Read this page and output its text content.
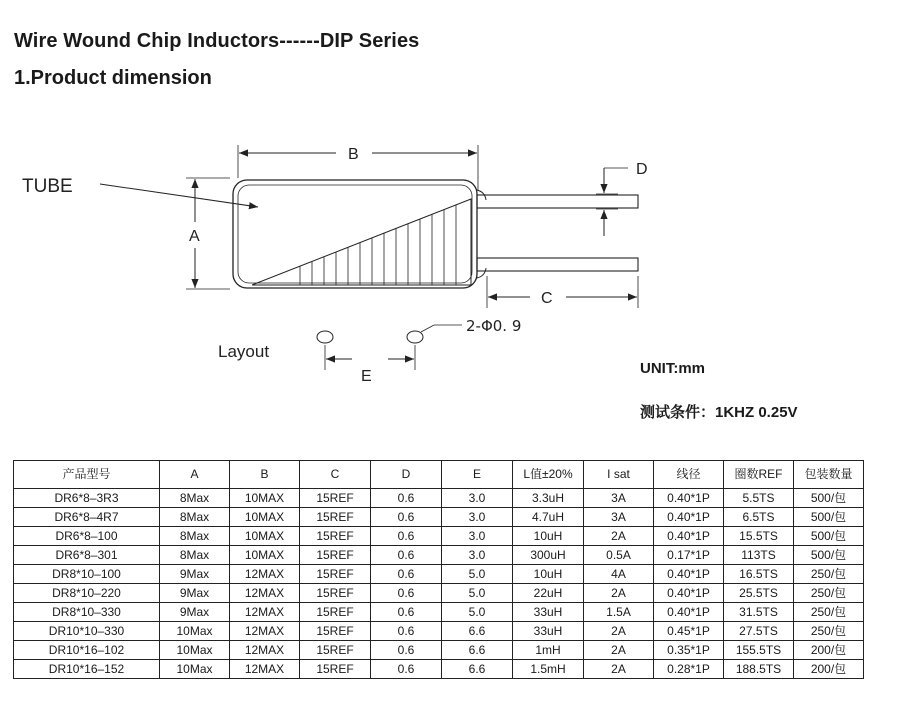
Wire Wound Chip Inductors------DIP Series
1.Product dimension
TUBE
A
B
C
D
Layout
E
2-Φ0. 9
UNIT:mm
测试条件：1KHZ 0.25V
产品型号	A	B	C	D	E	L值±20%	I sat	线径	圈数REF	包装数量
DR6*8–3R3	8Max	10MAX	15REF	0.6	3.0	3.3uH	3A	0.40*1P	5.5TS	500/包
DR6*8–4R7	8Max	10MAX	15REF	0.6	3.0	4.7uH	3A	0.40*1P	6.5TS	500/包
DR6*8–100	8Max	10MAX	15REF	0.6	3.0	10uH	2A	0.40*1P	15.5TS	500/包
DR6*8–301	8Max	10MAX	15REF	0.6	3.0	300uH	0.5A	0.17*1P	113TS	500/包
DR8*10–100	9Max	12MAX	15REF	0.6	5.0	10uH	4A	0.40*1P	16.5TS	250/包
DR8*10–220	9Max	12MAX	15REF	0.6	5.0	22uH	2A	0.40*1P	25.5TS	250/包
DR8*10–330	9Max	12MAX	15REF	0.6	5.0	33uH	1.5A	0.40*1P	31.5TS	250/包
DR10*10–330	10Max	12MAX	15REF	0.6	6.6	33uH	2A	0.45*1P	27.5TS	250/包
DR10*16–102	10Max	12MAX	15REF	0.6	6.6	1mH	2A	0.35*1P	155.5TS	200/包
DR10*16–152	10Max	12MAX	15REF	0.6	6.6	1.5mH	2A	0.28*1P	188.5TS	200/包
